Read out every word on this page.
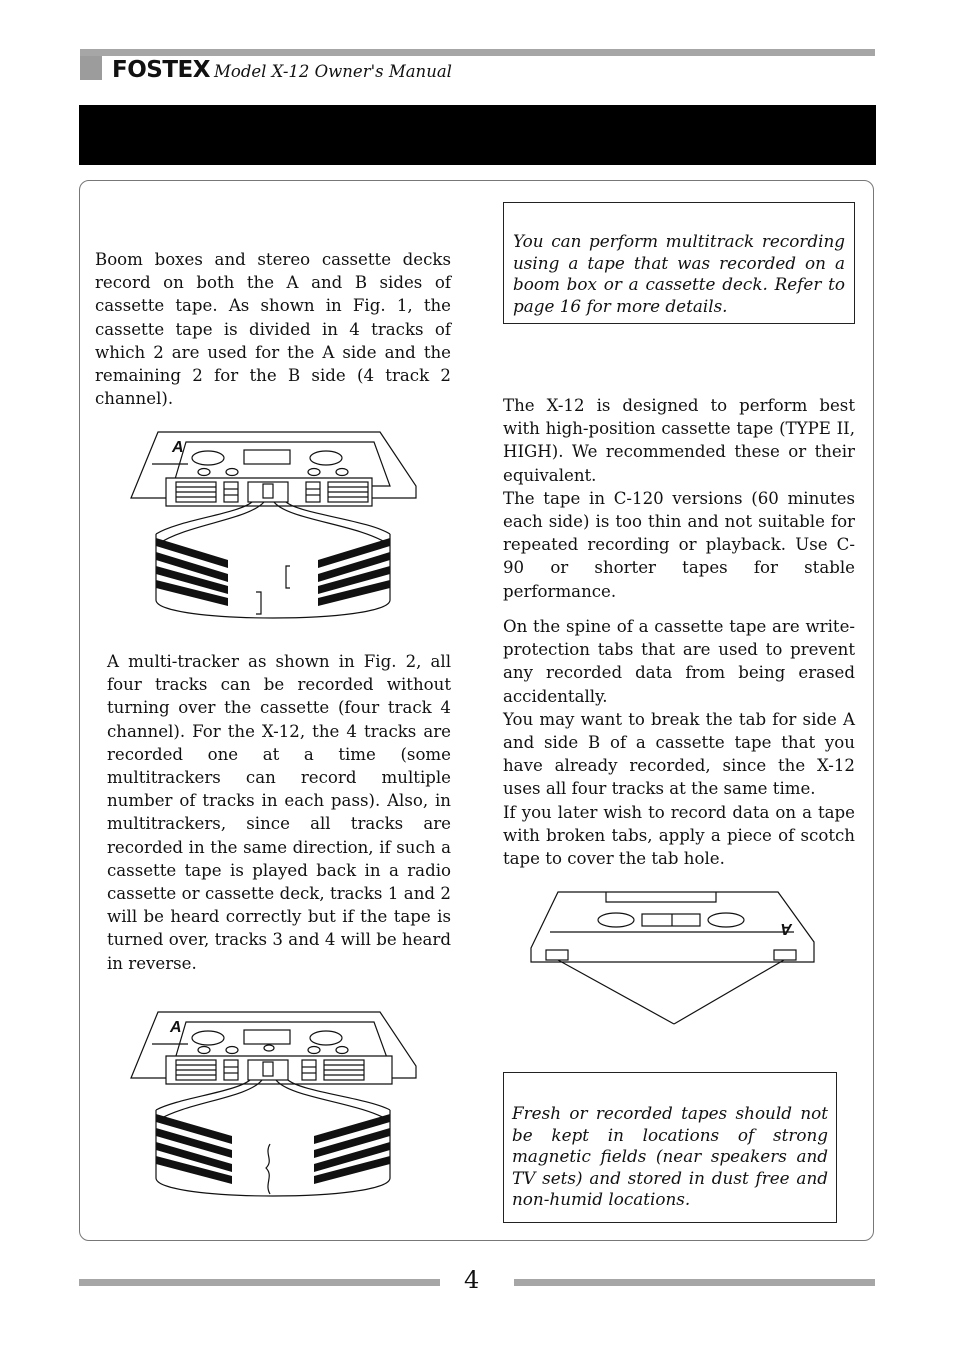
FOSTEX Model X-12 Owner's Manual

Boom boxes and stereo cassette decks record on both the A and B sides of cassette tape. As shown in Fig. 1, the cassette tape is divided in 4 tracks of which 2 are used for the A side and the remaining 2 for the B side (4 track 2 channel).

A

A multi-tracker as shown in Fig. 2, all four tracks can be recorded without turning over the cassette (four track 4 channel). For the X-12, the 4 tracks are recorded one at a time (some multitrackers can record multiple number of tracks in each pass). Also, in multitrackers, since all tracks are recorded in the same direction, if such a cassette tape is played back in a radio cassette or cassette deck, tracks 1 and 2 will be heard correctly but if the tape is turned over, tracks 3 and 4 will be heard in reverse.

A

You can perform multitrack recording using a tape that was recorded on a boom box or a cassette deck. Refer to page 16 for more details.

The X-12 is designed to perform best with high-position cassette tape (TYPE II, HIGH). We recommended these or their equivalent.

The tape in C-120 versions (60 minutes each side) is too thin and not suitable for repeated recording or playback. Use C-90 or shorter tapes for stable performance.

On the spine of a cassette tape are write-protection tabs that are used to prevent any recorded data from being erased accidentally.

You may want to break the tab for side A and side B of a cassette tape that you have already recorded, since the X-12 uses all four tracks at the same time.

If you later wish to record data on a tape with broken tabs, apply a piece of scotch tape to cover the tab hole.

A

Fresh or recorded tapes should not be kept in locations of strong magnetic fields (near speakers and TV sets) and stored in dust free and non-humid locations.

4
